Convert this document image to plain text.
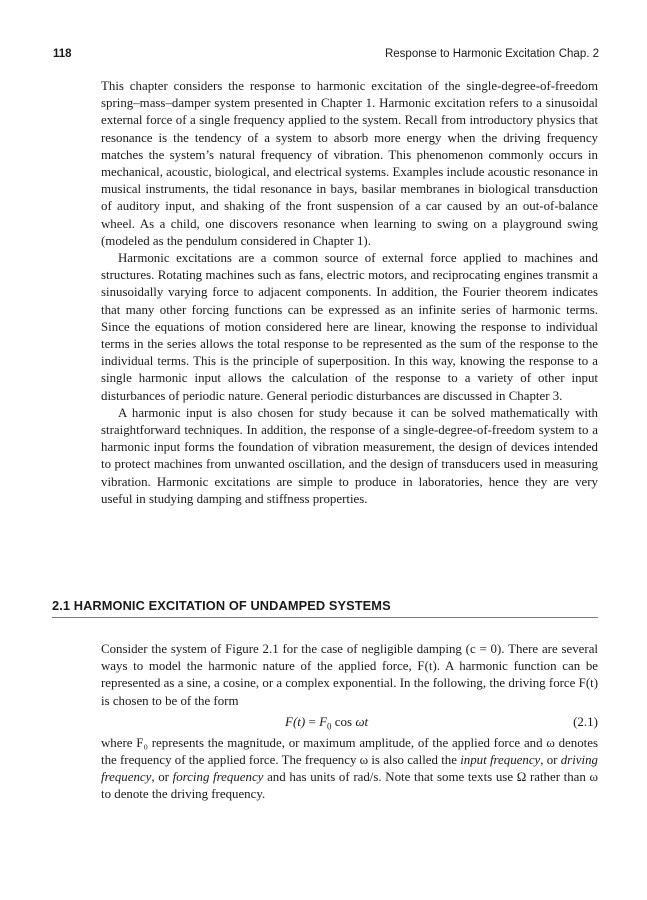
118	Response to Harmonic Excitation Chap. 2

This chapter considers the response to harmonic excitation of the single-degree-of-freedom spring–mass–damper system presented in Chapter 1. Harmonic excitation refers to a sinusoidal external force of a single frequency applied to the system. Recall from introductory physics that resonance is the tendency of a system to absorb more energy when the driving frequency matches the system’s natural frequency of vibration. This phenomenon commonly occurs in mechanical, acoustic, biological, and electrical systems. Examples include acoustic resonance in musical instruments, the tidal resonance in bays, basilar membranes in biological transduction of auditory input, and shaking of the front suspension of a car caused by an out-of-balance wheel. As a child, one discovers resonance when learning to swing on a playground swing (modeled as the pendulum considered in Chapter 1).

Harmonic excitations are a common source of external force applied to machines and structures. Rotating machines such as fans, electric motors, and reciprocating engines transmit a sinusoidally varying force to adjacent components. In addition, the Fourier theorem indicates that many other forcing functions can be expressed as an infinite series of harmonic terms. Since the equations of motion considered here are linear, knowing the response to individual terms in the series allows the total response to be represented as the sum of the response to the individual terms. This is the principle of superposition. In this way, knowing the response to a single harmonic input allows the calculation of the response to a variety of other input disturbances of periodic nature. General periodic disturbances are discussed in Chapter 3.

A harmonic input is also chosen for study because it can be solved mathematically with straightforward techniques. In addition, the response of a single-degree-of-freedom system to a harmonic input forms the foundation of vibration measurement, the design of devices intended to protect machines from unwanted oscillation, and the design of transducers used in measuring vibration. Harmonic excitations are simple to produce in laboratories, hence they are very useful in studying damping and stiffness properties.

2.1 HARMONIC EXCITATION OF UNDAMPED SYSTEMS

Consider the system of Figure 2.1 for the case of negligible damping (c = 0). There are several ways to model the harmonic nature of the applied force, F(t). A harmonic function can be represented as a sine, a cosine, or a complex exponential. In the following, the driving force F(t) is chosen to be of the form

$F(t) = F_0$ cos ωt	(2.1)

where F₀ represents the magnitude, or maximum amplitude, of the applied force and ω denotes the frequency of the applied force. The frequency ω is also called the input frequency, or driving frequency, or forcing frequency and has units of rad/s. Note that some texts use Ω rather than ω to denote the driving frequency.
